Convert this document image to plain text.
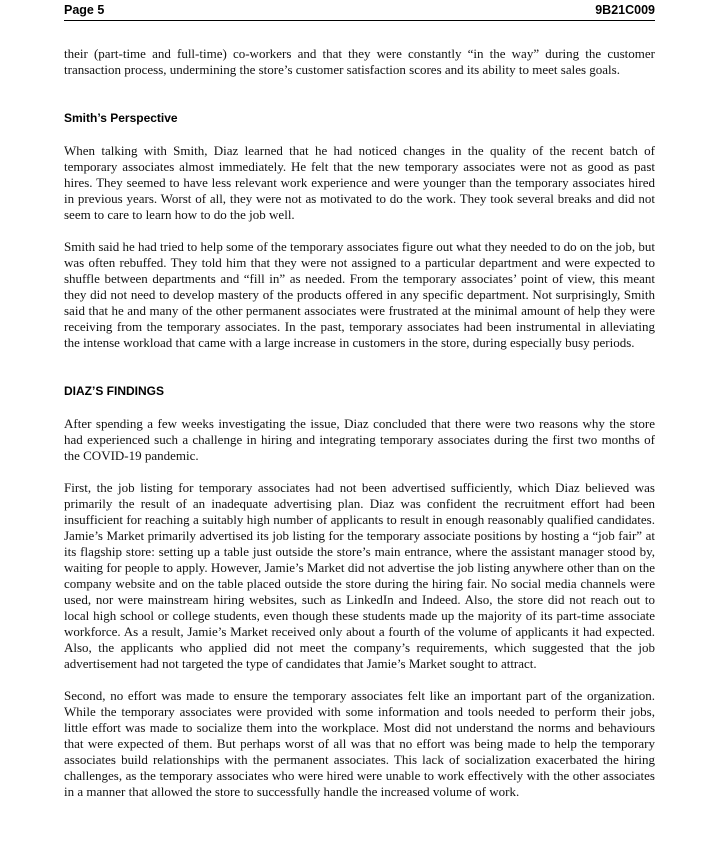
Page 5	9B21C009

their (part-time and full-time) co-workers and that they were constantly “in the way” during the customer transaction process, undermining the store’s customer satisfaction scores and its ability to meet sales goals.

Smith’s Perspective

When talking with Smith, Diaz learned that he had noticed changes in the quality of the recent batch of temporary associates almost immediately. He felt that the new temporary associates were not as good as past hires. They seemed to have less relevant work experience and were younger than the temporary associates hired in previous years. Worst of all, they were not as motivated to do the work. They took several breaks and did not seem to care to learn how to do the job well.

Smith said he had tried to help some of the temporary associates figure out what they needed to do on the job, but was often rebuffed. They told him that they were not assigned to a particular department and were expected to shuffle between departments and “fill in” as needed. From the temporary associates’ point of view, this meant they did not need to develop mastery of the products offered in any specific department. Not surprisingly, Smith said that he and many of the other permanent associates were frustrated at the minimal amount of help they were receiving from the temporary associates. In the past, temporary associates had been instrumental in alleviating the intense workload that came with a large increase in customers in the store, during especially busy periods.

DIAZ’S FINDINGS

After spending a few weeks investigating the issue, Diaz concluded that there were two reasons why the store had experienced such a challenge in hiring and integrating temporary associates during the first two months of the COVID-19 pandemic.

First, the job listing for temporary associates had not been advertised sufficiently, which Diaz believed was primarily the result of an inadequate advertising plan. Diaz was confident the recruitment effort had been insufficient for reaching a suitably high number of applicants to result in enough reasonably qualified candidates. Jamie’s Market primarily advertised its job listing for the temporary associate positions by hosting a “job fair” at its flagship store: setting up a table just outside the store’s main entrance, where the assistant manager stood by, waiting for people to apply. However, Jamie’s Market did not advertise the job listing anywhere other than on the company website and on the table placed outside the store during the hiring fair. No social media channels were used, nor were mainstream hiring websites, such as LinkedIn and Indeed. Also, the store did not reach out to local high school or college students, even though these students made up the majority of its part-time associate workforce. As a result, Jamie’s Market received only about a fourth of the volume of applicants it had expected. Also, the applicants who applied did not meet the company’s requirements, which suggested that the job advertisement had not targeted the type of candidates that Jamie’s Market sought to attract.

Second, no effort was made to ensure the temporary associates felt like an important part of the organization. While the temporary associates were provided with some information and tools needed to perform their jobs, little effort was made to socialize them into the workplace. Most did not understand the norms and behaviours that were expected of them. But perhaps worst of all was that no effort was being made to help the temporary associates build relationships with the permanent associates. This lack of socialization exacerbated the hiring challenges, as the temporary associates who were hired were unable to work effectively with the other associates in a manner that allowed the store to successfully handle the increased volume of work.
